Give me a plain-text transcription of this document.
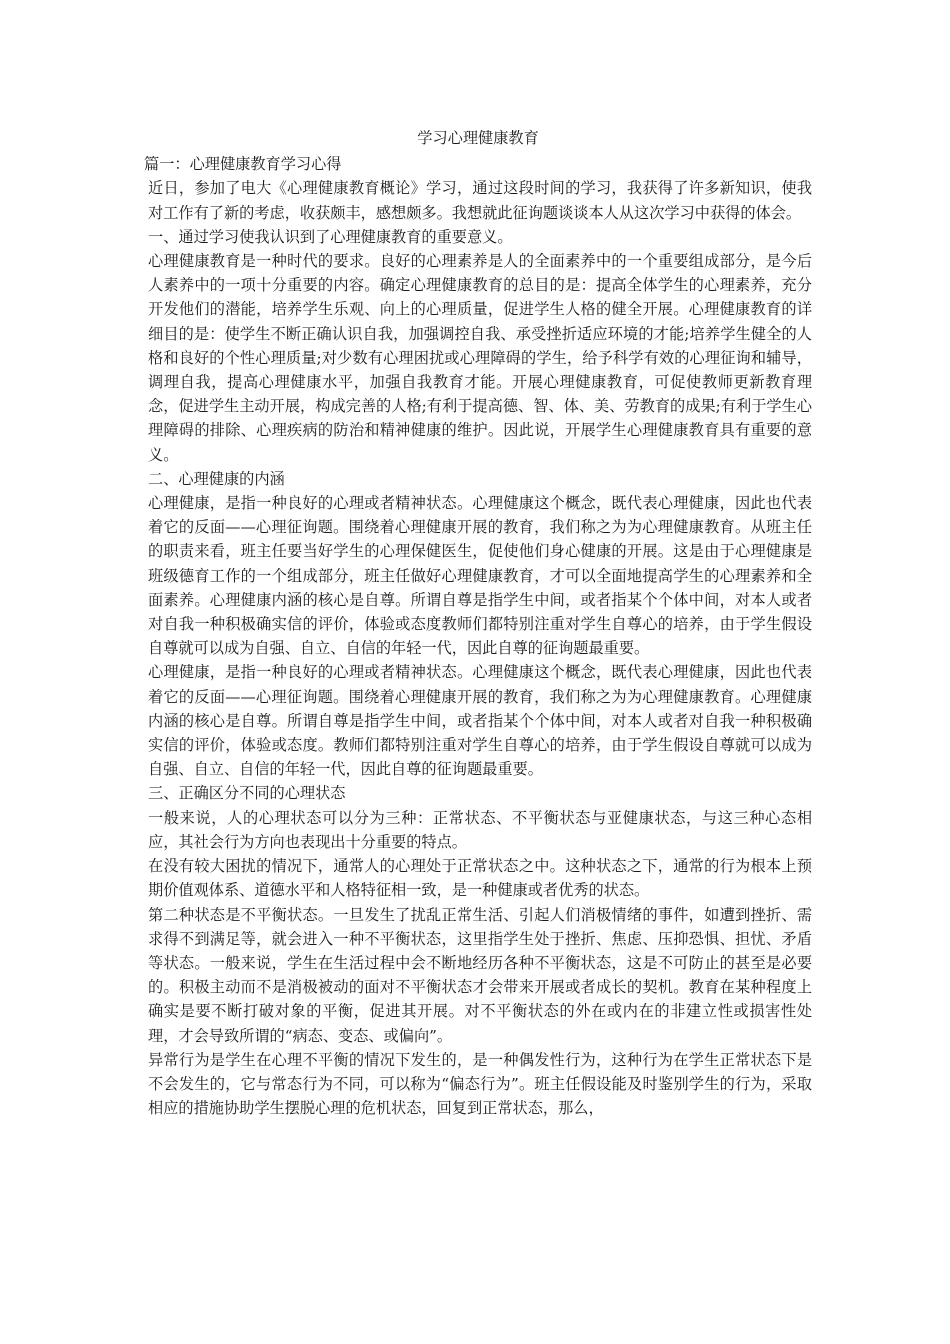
学习心理健康教育
篇一：心理健康教育学习心得
近日，参加了电大《心理健康教育概论》学习，通过这段时间的学习，我获得了许多新知识，使我对工作有了新的考虑，收获颇丰，感想颇多。我想就此征询题谈谈本人从这次学习中获得的体会。
一、通过学习使我认识到了心理健康教育的重要意义。
心理健康教育是一种时代的要求。良好的心理素养是人的全面素养中的一个重要组成部分，是今后人素养中的一项十分重要的内容。确定心理健康教育的总目的是：提高全体学生的心理素养，充分开发他们的潜能，培养学生乐观、向上的心理质量，促进学生人格的健全开展。心理健康教育的详细目的是：使学生不断正确认识自我，加强调控自我、承受挫折适应环境的才能;培养学生健全的人格和良好的个性心理质量;对少数有心理困扰或心理障碍的学生，给予科学有效的心理征询和辅导，调理自我，提高心理健康水平，加强自我教育才能。开展心理健康教育，可促使教师更新教育理念，促进学生主动开展，构成完善的人格;有利于提高德、智、体、美、劳教育的成果;有利于学生心理障碍的排除、心理疾病的防治和精神健康的维护。因此说，开展学生心理健康教育具有重要的意义。
二、心理健康的内涵
心理健康，是指一种良好的心理或者精神状态。心理健康这个概念，既代表心理健康，因此也代表着它的反面——心理征询题。围绕着心理健康开展的教育，我们称之为为心理健康教育。从班主任的职责来看，班主任要当好学生的心理保健医生，促使他们身心健康的开展。这是由于心理健康是班级德育工作的一个组成部分，班主任做好心理健康教育，才可以全面地提高学生的心理素养和全面素养。心理健康内涵的核心是自尊。所谓自尊是指学生中间，或者指某个个体中间，对本人或者对自我一种积极确实信的评价，体验或态度教师们都特别注重对学生自尊心的培养，由于学生假设自尊就可以成为自强、自立、自信的年轻一代，因此自尊的征询题最重要。
心理健康，是指一种良好的心理或者精神状态。心理健康这个概念，既代表心理健康，因此也代表着它的反面——心理征询题。围绕着心理健康开展的教育，我们称之为为心理健康教育。心理健康内涵的核心是自尊。所谓自尊是指学生中间，或者指某个个体中间，对本人或者对自我一种积极确实信的评价，体验或态度。教师们都特别注重对学生自尊心的培养，由于学生假设自尊就可以成为自强、自立、自信的年轻一代，因此自尊的征询题最重要。
三、正确区分不同的心理状态
一般来说，人的心理状态可以分为三种：正常状态、不平衡状态与亚健康状态，与这三种心态相应，其社会行为方向也表现出十分重要的特点。
在没有较大困扰的情况下，通常人的心理处于正常状态之中。这种状态之下，通常的行为根本上预期价值观体系、道德水平和人格特征相一致，是一种健康或者优秀的状态。
第二种状态是不平衡状态。一旦发生了扰乱正常生活、引起人们消极情绪的事件，如遭到挫折、需求得不到满足等，就会进入一种不平衡状态，这里指学生处于挫折、焦虑、压抑恐惧、担忧、矛盾等状态。一般来说，学生在生活过程中会不断地经历各种不平衡状态，这是不可防止的甚至是必要的。积极主动而不是消极被动的面对不平衡状态才会带来开展或者成长的契机。教育在某种程度上确实是要不断打破对象的平衡，促进其开展。对不平衡状态的外在或内在的非建立性或损害性处理，才会导致所谓的“病态、变态、或偏向”。
异常行为是学生在心理不平衡的情况下发生的，是一种偶发性行为，这种行为在学生正常状态下是不会发生的，它与常态行为不同，可以称为“偏态行为”。班主任假设能及时鉴别学生的行为，采取相应的措施协助学生摆脱心理的危机状态，回复到正常状态，那么，
